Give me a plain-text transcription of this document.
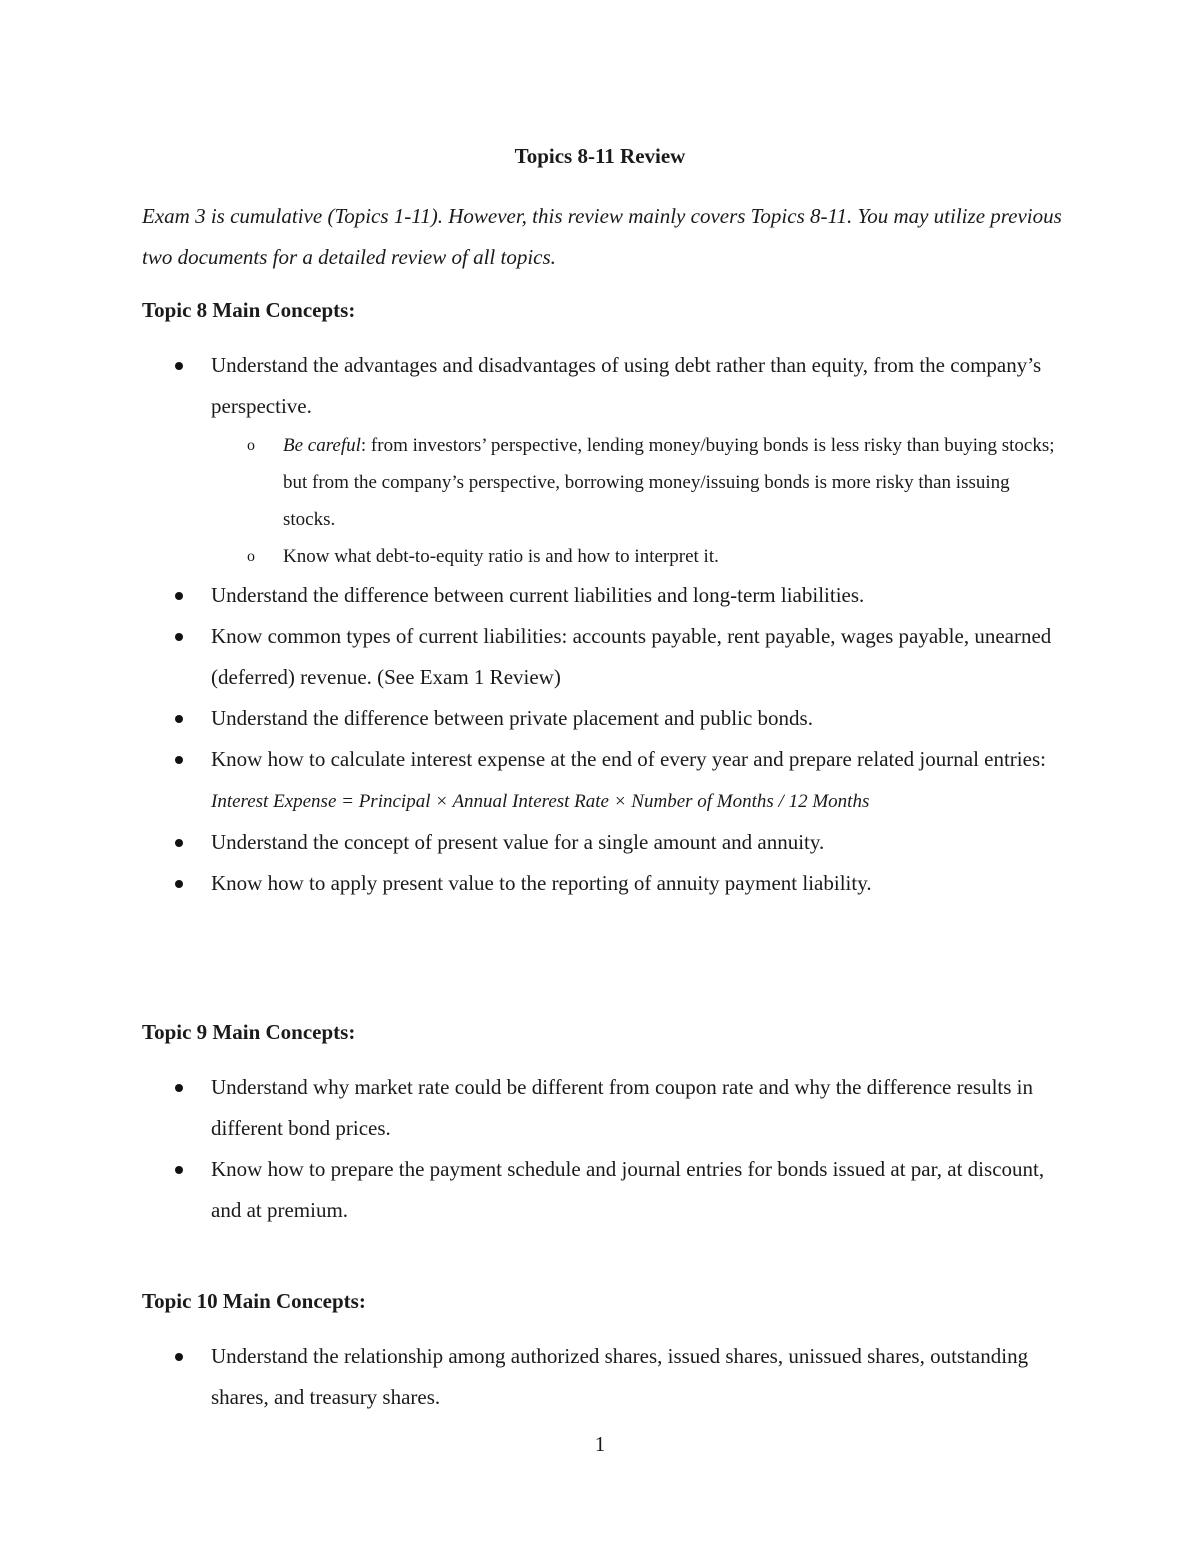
Topics 8-11 Review
Exam 3 is cumulative (Topics 1-11). However, this review mainly covers Topics 8-11. You may utilize previous two documents for a detailed review of all topics.
Topic 8 Main Concepts:
Understand the advantages and disadvantages of using debt rather than equity, from the company’s perspective.
o Be careful: from investors’ perspective, lending money/buying bonds is less risky than buying stocks; but from the company’s perspective, borrowing money/issuing bonds is more risky than issuing stocks.
o Know what debt-to-equity ratio is and how to interpret it.
Understand the difference between current liabilities and long-term liabilities.
Know common types of current liabilities: accounts payable, rent payable, wages payable, unearned (deferred) revenue. (See Exam 1 Review)
Understand the difference between private placement and public bonds.
Know how to calculate interest expense at the end of every year and prepare related journal entries: Interest Expense = Principal × Annual Interest Rate × Number of Months / 12 Months
Understand the concept of present value for a single amount and annuity.
Know how to apply present value to the reporting of annuity payment liability.
Topic 9 Main Concepts:
Understand why market rate could be different from coupon rate and why the difference results in different bond prices.
Know how to prepare the payment schedule and journal entries for bonds issued at par, at discount, and at premium.
Topic 10 Main Concepts:
Understand the relationship among authorized shares, issued shares, unissued shares, outstanding shares, and treasury shares.
1
